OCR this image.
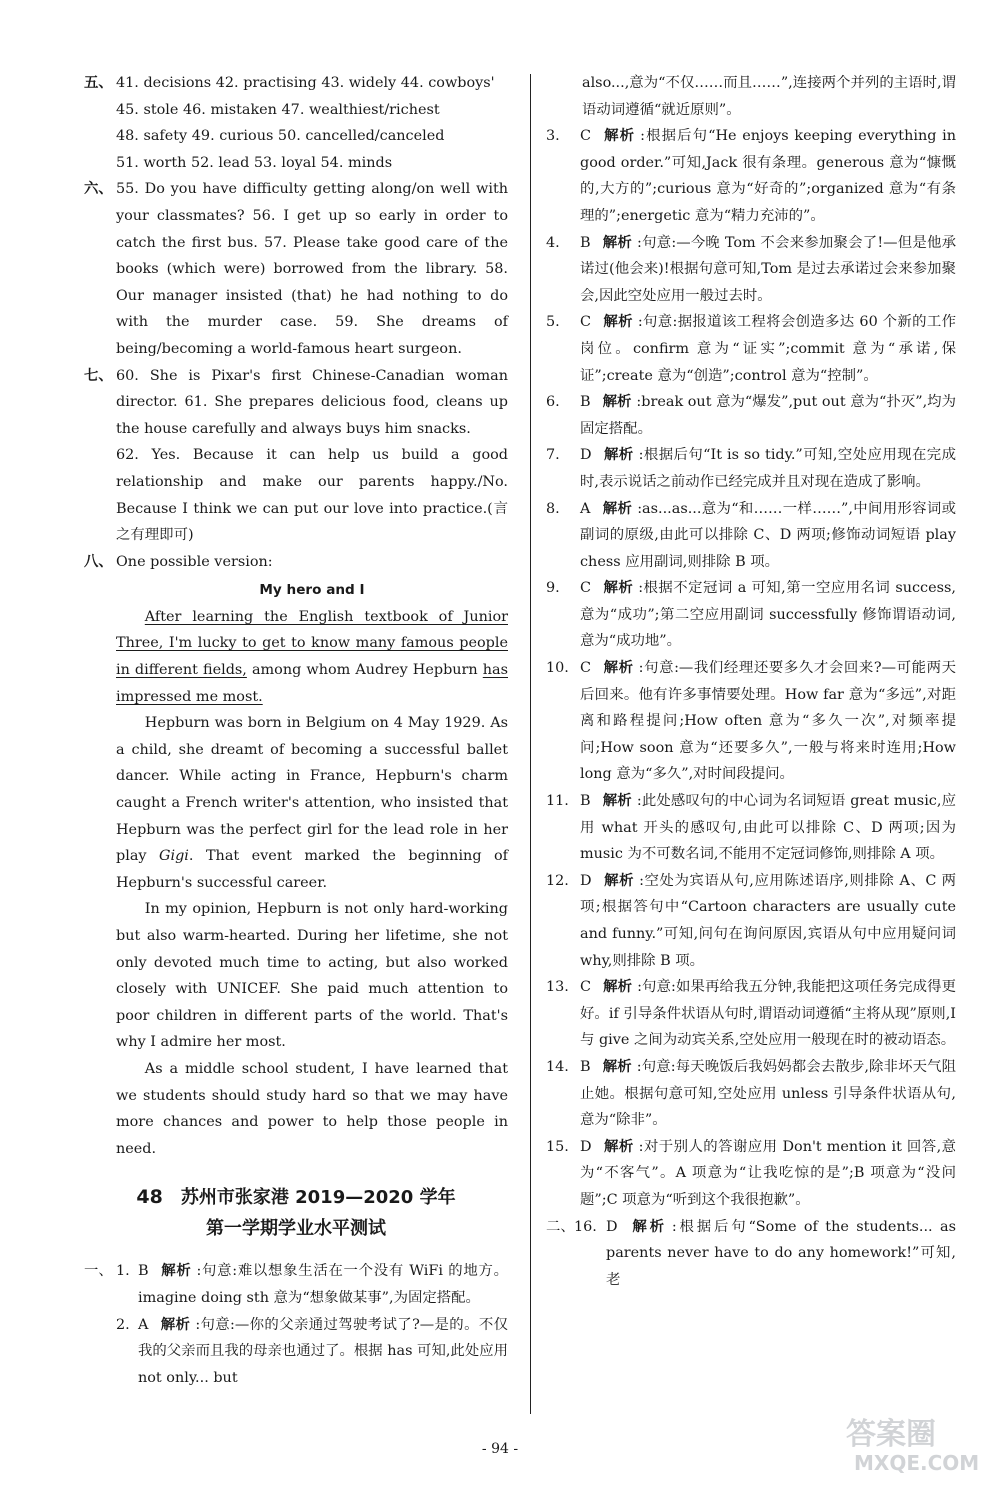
五、 41. decisions 42. practising 43. widely 44. cowboys'
45. stole 46. mistaken 47. wealthiest/richest
48. safety 49. curious 50. cancelled/canceled
51. worth 52. lead 53. loyal 54. minds
六、 55. Do you have difficulty getting along/on well with your classmates? 56. I get up so early in order to catch the first bus. 57. Please take good care of the books (which were) borrowed from the library. 58. Our manager insisted (that) he had nothing to do with the murder case. 59. She dreams of being/becoming a world-famous heart surgeon.
七、 60. She is Pixar's first Chinese-Canadian woman director. 61. She prepares delicious food, cleans up the house carefully and always buys him snacks.
62. Yes. Because it can help us build a good relationship and make our parents happy./No. Because I think we can put our love into practice.(言之有理即可)
八、 One possible version:
My hero and I

After learning the English textbook of Junior Three, I'm lucky to get to know many famous people in different fields, among whom Audrey Hepburn has impressed me most.

Hepburn was born in Belgium on 4 May 1929. As a child, she dreamt of becoming a successful ballet dancer. While acting in France, Hepburn's charm caught a French writer's attention, who insisted that Hepburn was the perfect girl for the lead role in her play Gigi. That event marked the beginning of Hepburn's successful career.

In my opinion, Hepburn is not only hard-working but also warm-hearted. During her lifetime, she not only devoted much time to acting, but also worked closely with UNICEF. She paid much attention to poor children in different parts of the world. That's why I admire her most.

As a middle school student, I have learned that we students should study hard so that we may have more chances and power to help those people in need.

48 苏州市张家港 2019—2020 学年
第一学期学业水平测试
一、 1. B 解析 :句意:难以想象生活在一个没有 WiFi 的地方。imagine doing sth 意为“想象做某事”,为固定搭配。
2. A 解析 :句意:—你的父亲通过驾驶考试了?—是的。不仅我的父亲而且我的母亲也通过了。根据 has 可知,此处应用 not only... but
also...,意为“不仅……而且……”,连接两个并列的主语时,谓语动词遵循“就近原则”。
3. C 解析 :根据后句“He enjoys keeping everything in good order.”可知,Jack 很有条理。generous 意为“慷慨的,大方的”;curious 意为“好奇的”;organized 意为“有条理的”;energetic 意为“精力充沛的”。
4. B 解析 :句意:—今晚 Tom 不会来参加聚会了!—但是他承诺过(他会来)!根据句意可知,Tom 是过去承诺过会来参加聚会,因此空处应用一般过去时。
5. C 解析 :句意:据报道该工程将会创造多达 60 个新的工作岗位。confirm 意为“证实”;commit 意为“承诺,保证”;create 意为“创造”;control 意为“控制”。
6. B 解析 :break out 意为“爆发”,put out 意为“扑灭”,均为固定搭配。
7. D 解析 :根据后句“It is so tidy.”可知,空处应用现在完成时,表示说话之前动作已经完成并且对现在造成了影响。
8. A 解析 :as...as...意为“和……一样……”,中间用形容词或副词的原级,由此可以排除 C、D 两项;修饰动词短语 play chess 应用副词,则排除 B 项。
9. C 解析 :根据不定冠词 a 可知,第一空应用名词 success,意为“成功”;第二空应用副词 successfully 修饰谓语动词,意为“成功地”。
10. C 解析 :句意:—我们经理还要多久才会回来?—可能两天后回来。他有许多事情要处理。How far 意为“多远”,对距离和路程提问;How often 意为“多久一次”,对频率提问;How soon 意为“还要多久”,一般与将来时连用;How long 意为“多久”,对时间段提问。
11. B 解析 :此处感叹句的中心词为名词短语 great music,应用 what 开头的感叹句,由此可以排除 C、D 两项;因为 music 为不可数名词,不能用不定冠词修饰,则排除 A 项。
12. D 解析 :空处为宾语从句,应用陈述语序,则排除 A、C 两项;根据答句中“Cartoon characters are usually cute and funny.”可知,问句在询问原因,宾语从句中应用疑问词 why,则排除 B 项。
13. C 解析 :句意:如果再给我五分钟,我能把这项任务完成得更好。if 引导条件状语从句时,谓语动词遵循“主将从现”原则,I 与 give 之间为动宾关系,空处应用一般现在时的被动语态。
14. B 解析 :句意:每天晚饭后我妈妈都会去散步,除非坏天气阻止她。根据句意可知,空处应用 unless 引导条件状语从句,意为“除非”。
15. D 解析 :对于别人的答谢应用 Don't mention it 回答,意为“不客气”。A 项意为“让我吃惊的是”;B 项意为“没问题”;C 项意为“听到这个我很抱歉”。
二、 16. D 解析 :根据后句“Some of the students... as parents never have to do any homework!”可知,老
- 94 -	答案圈
MXQE.COM
